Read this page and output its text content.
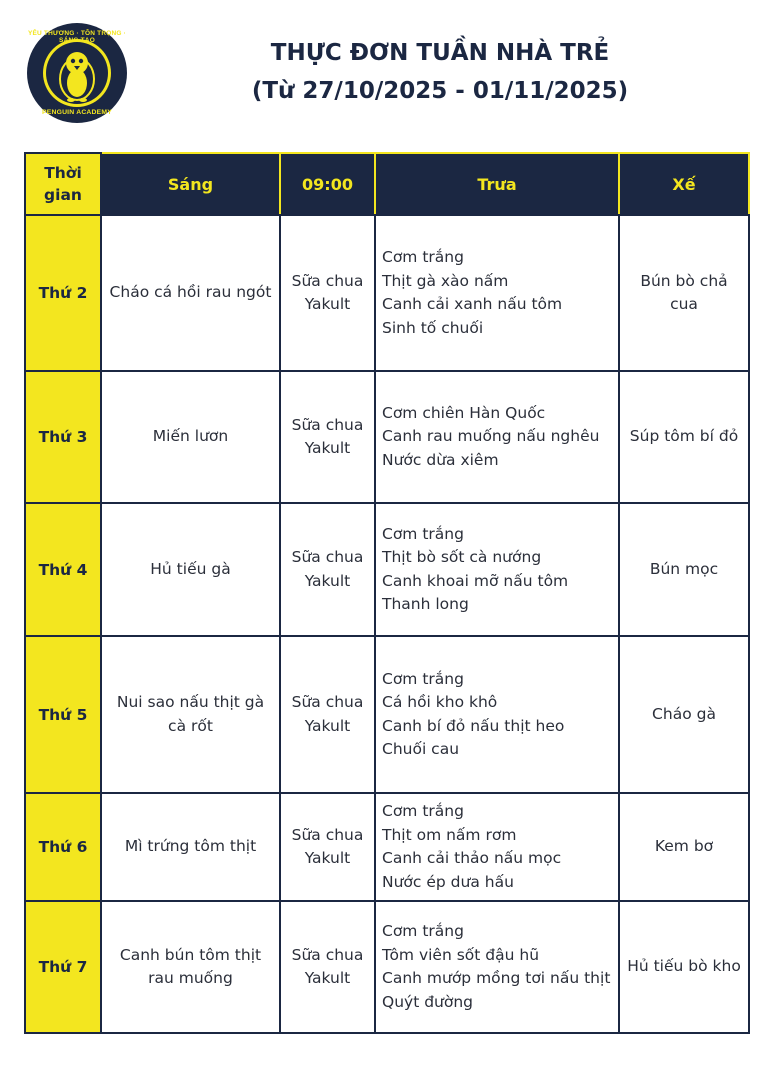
YÊU THƯƠNG · TÔN TRỌNG · SÁNG TẠO
PENGUIN ACADEMY
THỰC ĐƠN TUẦN NHÀ TRẺ
(Từ 27/10/2025 - 01/11/2025)
Thời gian	Sáng	09:00	Trưa	Xế
Thứ 2	Cháo cá hồi rau ngót	Sữa chua Yakult	Cơm trắng
Thịt gà xào nấm
Canh cải xanh nấu tôm
Sinh tố chuối	Bún bò chả cua
Thứ 3	Miến lươn	Sữa chua Yakult	Cơm chiên Hàn Quốc
Canh rau muống nấu nghêu
Nước dừa xiêm	Súp tôm bí đỏ
Thứ 4	Hủ tiếu gà	Sữa chua Yakult	Cơm trắng
Thịt bò sốt cà nướng
Canh khoai mỡ nấu tôm
Thanh long	Bún mọc
Thứ 5	Nui sao nấu thịt gà cà rốt	Sữa chua Yakult	Cơm trắng
Cá hồi kho khô
Canh bí đỏ nấu thịt heo
Chuối cau	Cháo gà
Thứ 6	Mì trứng tôm thịt	Sữa chua Yakult	Cơm trắng
Thịt om nấm rơm
Canh cải thảo nấu mọc
Nước ép dưa hấu	Kem bơ
Thứ 7	Canh bún tôm thịt rau muống	Sữa chua Yakult	Cơm trắng
Tôm viên sốt đậu hũ
Canh mướp mồng tơi nấu thịt
Quýt đường	Hủ tiếu bò kho
